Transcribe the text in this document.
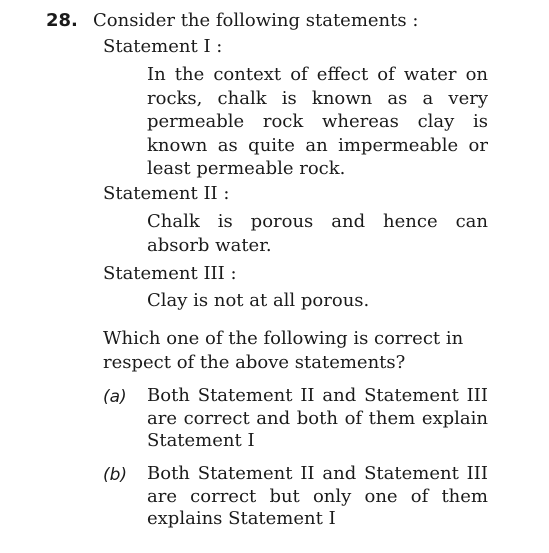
28. Consider the following statements :
Statement I :

In the context of effect of water on rocks, chalk is known as a very permeable rock whereas clay is known as quite an impermeable or least permeable rock.

Statement II :

Chalk is porous and hence can absorb water.

Statement III :

Clay is not at all porous.

Which one of the following is correct in respect of the above statements?

(a) Both Statement II and Statement III are correct and both of them explain Statement I

(b) Both Statement II and Statement III are correct but only one of them explains Statement I
